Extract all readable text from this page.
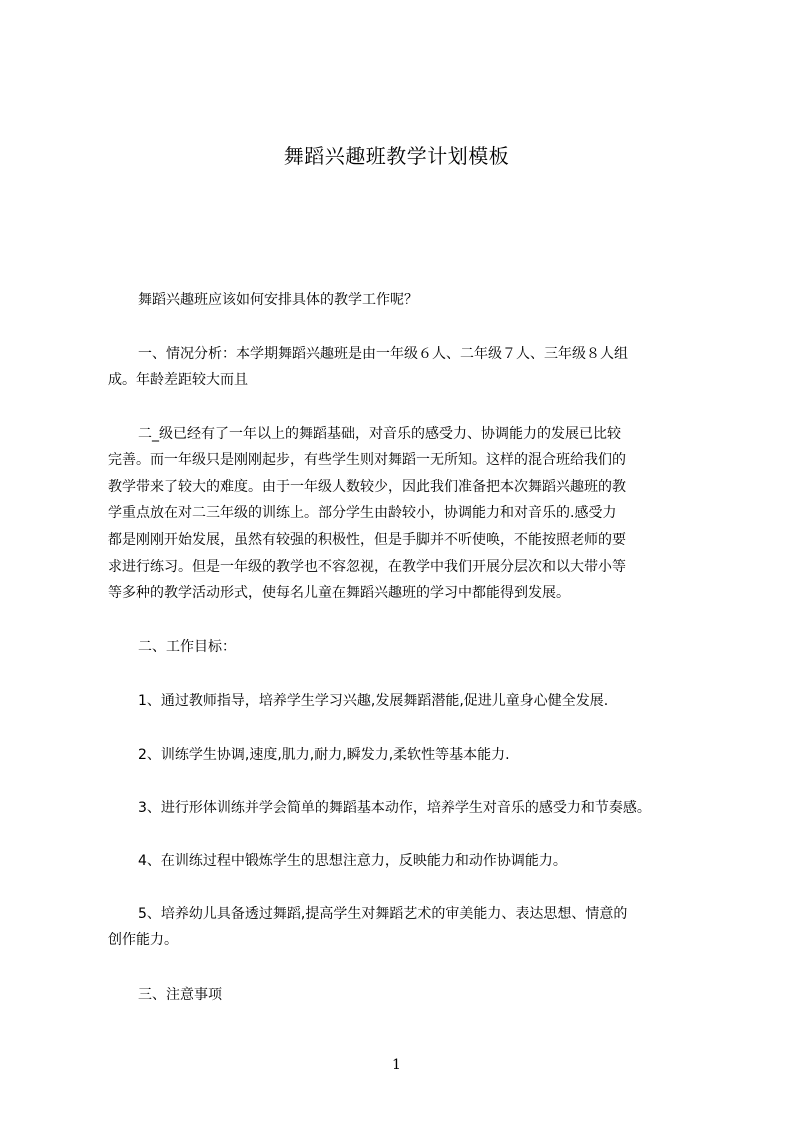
舞蹈兴趣班教学计划模板
舞蹈兴趣班应该如何安排具体的教学工作呢？
一、情况分析：本学期舞蹈兴趣班是由一年级６人、二年级７人、三年级８人组
成。年龄差距较大而且
二_级已经有了一年以上的舞蹈基础，对音乐的感受力、协调能力的发展已比较
完善。而一年级只是刚刚起步，有些学生则对舞蹈一无所知。这样的混合班给我们的
教学带来了较大的难度。由于一年级人数较少，因此我们准备把本次舞蹈兴趣班的教
学重点放在对二三年级的训练上。部分学生由龄较小，协调能力和对音乐的.感受力
都是刚刚开始发展，虽然有较强的积极性，但是手脚并不听使唤，不能按照老师的要
求进行练习。但是一年级的教学也不容忽视，在教学中我们开展分层次和以大带小等
等多种的教学活动形式，使每名儿童在舞蹈兴趣班的学习中都能得到发展。
二、工作目标：
1、通过教师指导，培养学生学习兴趣,发展舞蹈潜能,促进儿童身心健全发展.
2、训练学生协调,速度,肌力,耐力,瞬发力,柔软性等基本能力.
3、进行形体训练并学会简单的舞蹈基本动作，培养学生对音乐的感受力和节奏感。
4、在训练过程中锻炼学生的思想注意力，反映能力和动作协调能力。
5、培养幼儿具备透过舞蹈,提高学生对舞蹈艺术的审美能力、表达思想、情意的
创作能力。
三、注意事项
1
